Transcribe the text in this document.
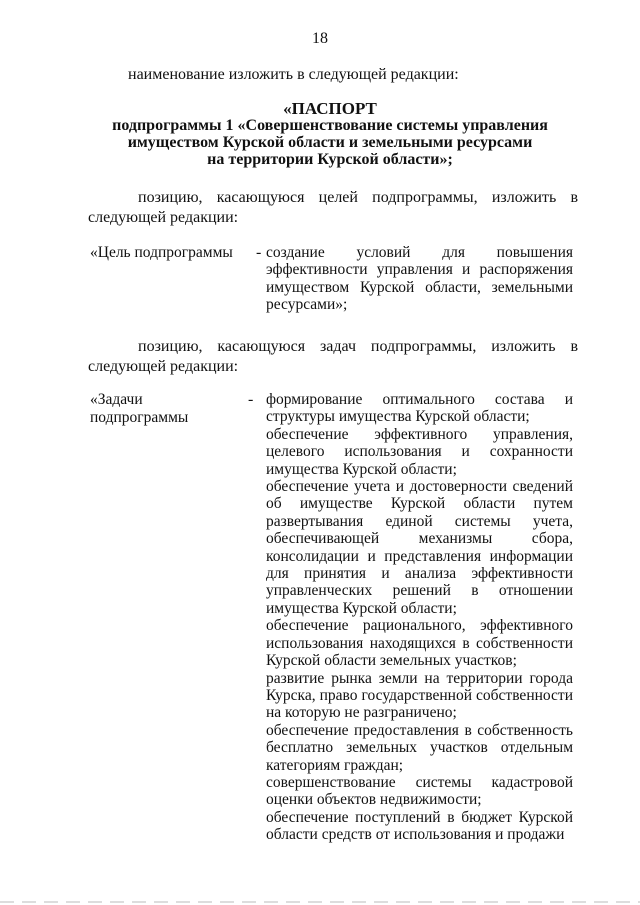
18
наименование изложить в следующей редакции:
«ПАСПОРТ
подпрограммы 1 «Совершенствование системы управления
имуществом Курской области и земельными ресурсами
на территории Курской области»;
позицию, касающуюся целей подпрограммы, изложить в следующей редакции:
«Цель подпрограммы - создание условий для повышения эффективности управления и распоряжения имуществом Курской области, земельными ресурсами»;
позицию, касающуюся задач подпрограммы, изложить в следующей редакции:
«Задачи
подпрограммы
- формирование оптимального состава и структуры имущества Курской области;
обеспечение эффективного управления, целевого использования и сохранности имущества Курской области;
обеспечение учета и достоверности сведений об имуществе Курской области путем развертывания единой системы учета, обеспечивающей механизмы сбора, консолидации и представления информации для принятия и анализа эффективности управленческих решений в отношении имущества Курской области;
обеспечение рационального, эффективного использования находящихся в собственности Курской области земельных участков;
развитие рынка земли на территории города Курска, право государственной собственности на которую не разграничено;
обеспечение предоставления в собственность бесплатно земельных участков отдельным категориям граждан;
совершенствование системы кадастровой оценки объектов недвижимости;
обеспечение поступлений в бюджет Курской области средств от использования и продажи
